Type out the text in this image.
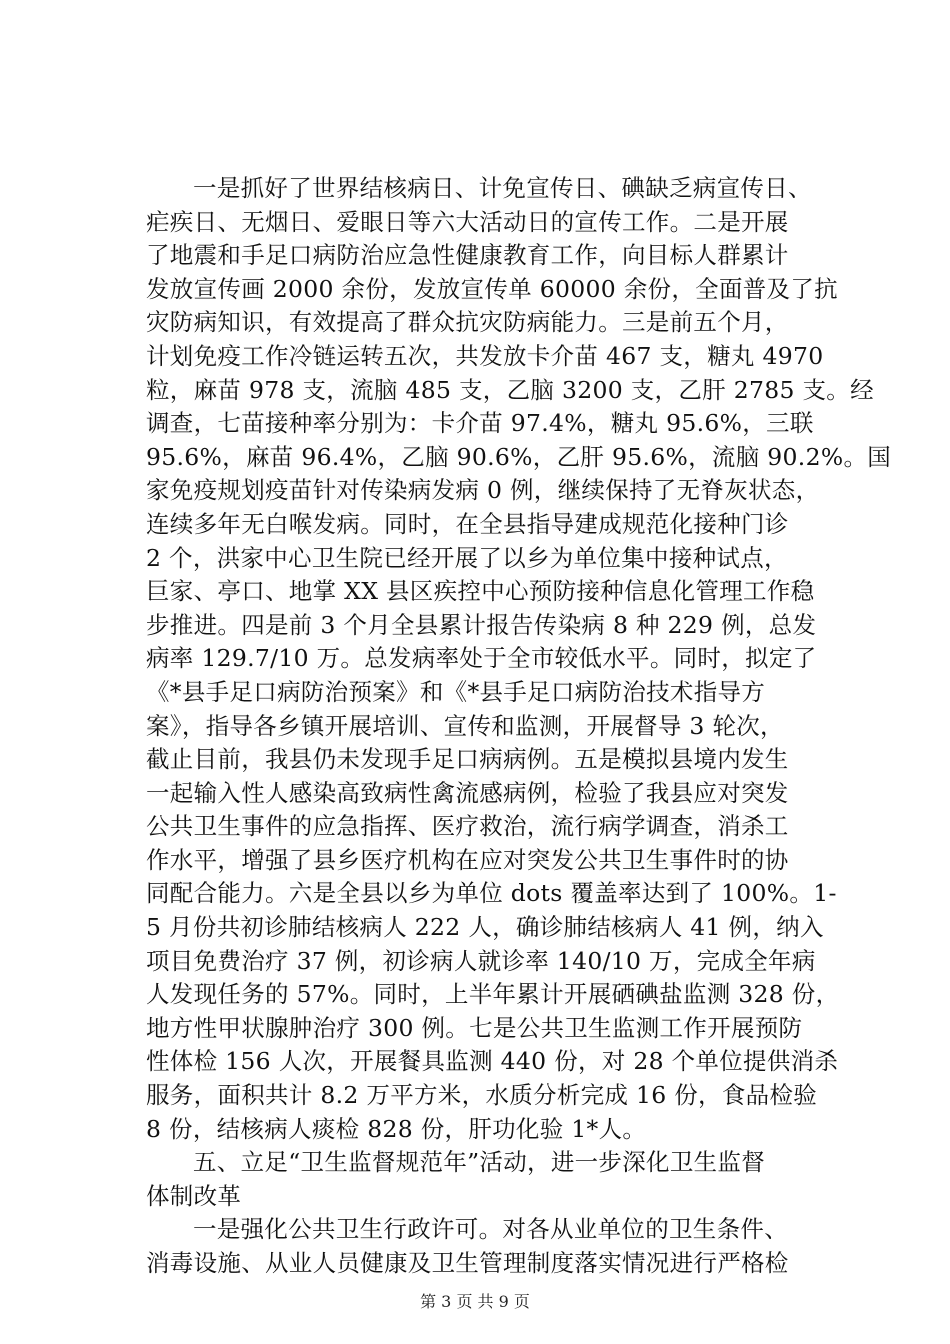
一是抓好了世界结核病日、计免宣传日、碘缺乏病宣传日、
疟疾日、无烟日、爱眼日等六大活动日的宣传工作。二是开展
了地震和手足口病防治应急性健康教育工作，向目标人群累计
发放宣传画 2000 余份，发放宣传单 60000 余份，全面普及了抗
灾防病知识，有效提高了群众抗灾防病能力。三是前五个月，
计划免疫工作冷链运转五次，共发放卡介苗 467 支，糖丸 4970
粒，麻苗 978 支，流脑 485 支，乙脑 3200 支，乙肝 2785 支。经
调查，七苗接种率分别为：卡介苗 97.4%，糖丸 95.6%，三联
95.6%，麻苗 96.4%，乙脑 90.6%，乙肝 95.6%，流脑 90.2%。国
家免疫规划疫苗针对传染病发病 0 例，继续保持了无脊灰状态，
连续多年无白喉发病。同时，在全县指导建成规范化接种门诊
2 个，洪家中心卫生院已经开展了以乡为单位集中接种试点，
巨家、亭口、地掌 XX 县区疾控中心预防接种信息化管理工作稳
步推进。四是前 3 个月全县累计报告传染病 8 种 229 例，总发
病率 129.7/10 万。总发病率处于全市较低水平。同时，拟定了
《*县手足口病防治预案》和《*县手足口病防治技术指导方
案》，指导各乡镇开展培训、宣传和监测，开展督导 3 轮次，
截止目前，我县仍未发现手足口病病例。五是模拟县境内发生
一起输入性人感染高致病性禽流感病例，检验了我县应对突发
公共卫生事件的应急指挥、医疗救治，流行病学调查，消杀工
作水平，增强了县乡医疗机构在应对突发公共卫生事件时的协
同配合能力。六是全县以乡为单位 dots 覆盖率达到了 100%。1-
5 月份共初诊肺结核病人 222 人，确诊肺结核病人 41 例，纳入
项目免费治疗 37 例，初诊病人就诊率 140/10 万，完成全年病
人发现任务的 57%。同时，上半年累计开展硒碘盐监测 328 份，
地方性甲状腺肿治疗 300 例。七是公共卫生监测工作开展预防
性体检 156 人次，开展餐具监测 440 份，对 28 个单位提供消杀
服务，面积共计 8.2 万平方米，水质分析完成 16 份，食品检验
8 份，结核病人痰检 828 份，肝功化验 1*人。
五、立足“卫生监督规范年”活动，进一步深化卫生监督
体制改革
一是强化公共卫生行政许可。对各从业单位的卫生条件、
消毒设施、从业人员健康及卫生管理制度落实情况进行严格检
第 3 页 共 9 页
